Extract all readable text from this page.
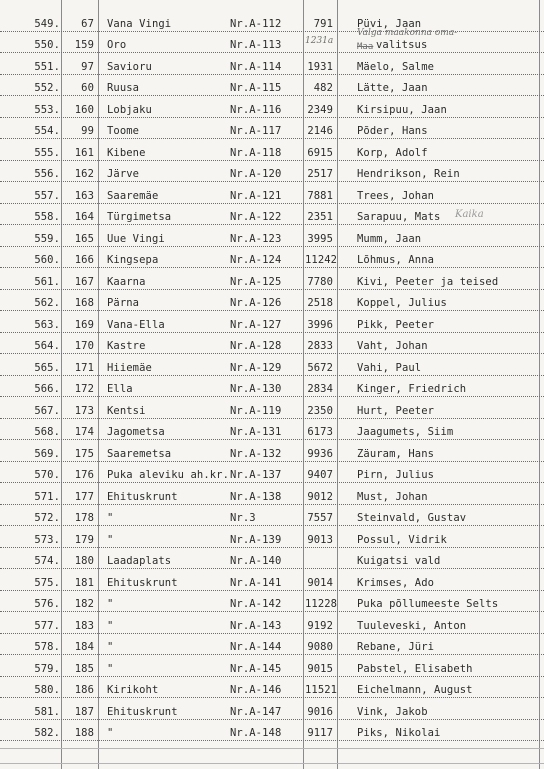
549.	67 Vana Vingi	Nr.A-112	791 Püvi, Jaan
550.	159 Oro	Nr.A-113	valitsus
551.	97 Savioru	Nr.A-114 1931 Mäelo, Salme
552.	60 Ruusa	Nr.A-115	482 Lätte, Jaan
553.	160 Lobjaku	Nr.A-116 2349 Kirsipuu, Jaan
554.	99 Toome	Nr.A-117 2146 Põder, Hans
555.	161 Kibene	Nr.A-118 6915 Korp, Adolf
556.	162 Järve	Nr.A-120 2517 Hendrikson, Rein
557.	163 Saaremäe	Nr.A-121 7881 Trees, Johan
558.	164 Türgimetsa	Nr.A-122 2351 Sarapuu, Mats
559.	165 Uue Vingi	Nr.A-123 3995 Mumm, Jaan
560.	166 Kingsepa	Nr.A-124 11242 Lõhmus, Anna
561.	167 Kaarna	Nr.A-125 7780 Kivi, Peeter ja teised
562.	168 Pärna	Nr.A-126 2518 Koppel, Julius
563.	169 Vana-Ella	Nr.A-127 3996 Pikk, Peeter
564.	170 Kastre	Nr.A-128 2833 Vaht, Johan
565.	171 Hiiemäe	Nr.A-129 5672 Vahi, Paul
566.	172 Ella	Nr.A-130 2834 Kinger, Friedrich
567.	173 Kentsi	Nr.A-119 2350 Hurt, Peeter
568.	174 Jagometsa	Nr.A-131 6173 Jaagumets, Siim
569.	175 Saaremetsa	Nr.A-132 9936 Zäuram, Hans
570.	176 Puka aleviku ah.kr. Nr.A-137 9407 Pirn, Julius
571.	177 Ehituskrunt	Nr.A-138 9012 Must, Johan
572.	178 "	Nr.3	7557 Steinvald, Gustav
573.	179 "	Nr.A-139 9013 Possul, Vidrik
574.	180 Laadaplats	Nr.A-140	Kuigatsi vald
575.	181 Ehituskrunt	Nr.A-141 9014 Krimses, Ado
576.	182 "	Nr.A-142 11228 Puka põllumeeste Selts
577.	183 "	Nr.A-143 9192 Tuuleveski, Anton
578.	184 "	Nr.A-144 9080 Rebane, Jüri
579.	185 "	Nr.A-145 9015 Pabstel, Elisabeth
580.	186 Kirikoht	Nr.A-146 11521 Eichelmann, August
581.	187 Ehituskrunt	Nr.A-147 9016 Vink, Jakob
582.	188 "	Nr.A-148 9117 Piks, Nikolai
1231a
Valga maakonna oma-
Maa
Kaika
